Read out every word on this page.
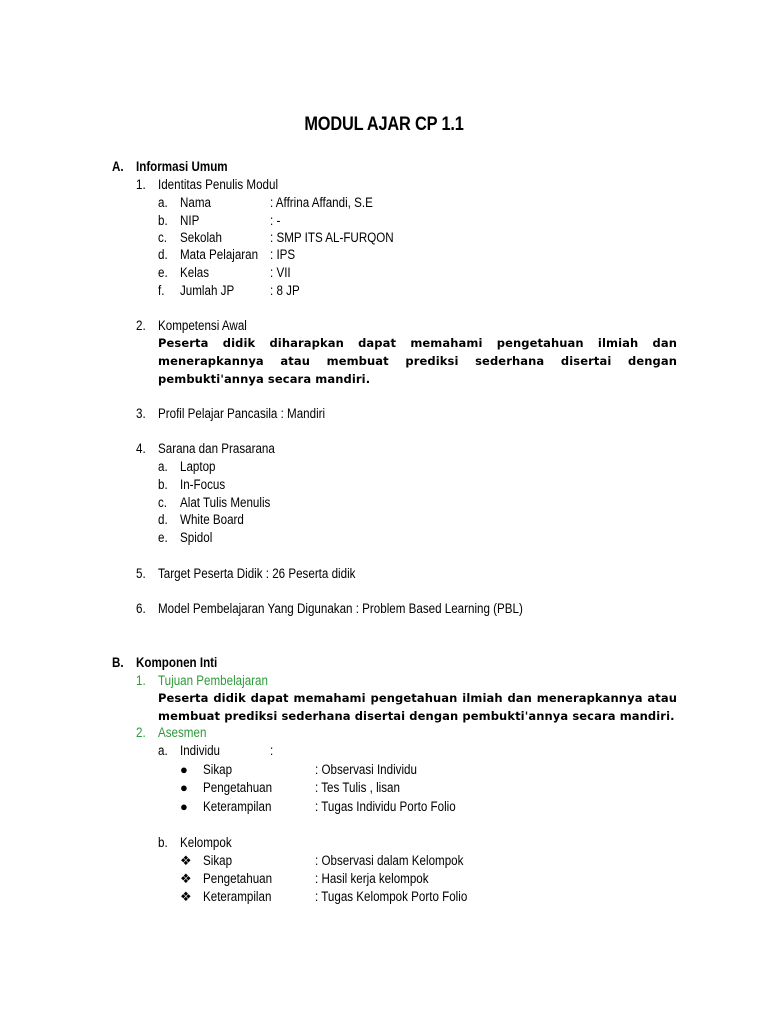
MODUL AJAR CP 1.1
A. Informasi Umum
1. Identitas Penulis Modul
a. Nama	: Affrina Affandi, S.E
b. NIP	: -
c. Sekolah	: SMP ITS AL-FURQON
d. Mata Pelajaran : IPS
e. Kelas	: VII
f. Jumlah JP	: 8 JP
2. Kompetensi Awal
Peserta didik diharapkan dapat memahami pengetahuan ilmiah dan menerapkannya atau membuat prediksi sederhana disertai dengan pembukti'annya secara mandiri.
3. Profil Pelajar Pancasila : Mandiri
4. Sarana dan Prasarana
a. Laptop
b. In-Focus
c. Alat Tulis Menulis
d. White Board
e. Spidol
5. Target Peserta Didik : 26 Peserta didik
6. Model Pembelajaran Yang Digunakan : Problem Based Learning (PBL)
B. Komponen Inti
1. Tujuan Pembelajaran
Peserta didik dapat memahami pengetahuan ilmiah dan menerapkannya atau membuat prediksi sederhana disertai dengan pembukti'annya secara mandiri.
2. Asesmen
a. Individu	:
● Sikap	: Observasi Individu
● Pengetahuan	: Tes Tulis , lisan
● Keterampilan	: Tugas Individu Porto Folio
b. Kelompok
❖ Sikap	: Observasi dalam Kelompok
❖ Pengetahuan	: Hasil kerja kelompok
❖ Keterampilan	: Tugas Kelompok Porto Folio
